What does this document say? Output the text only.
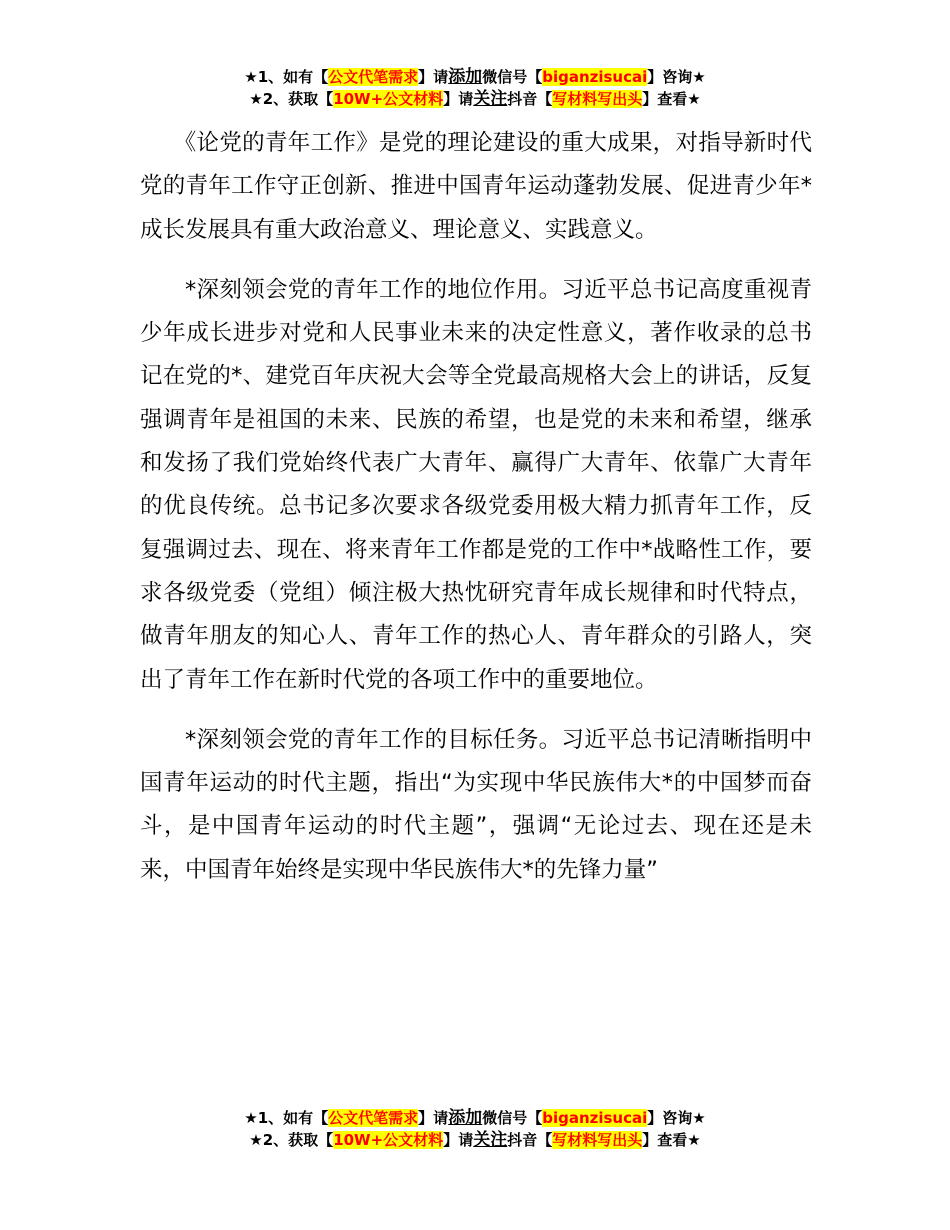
★1、如有【公文代笔需求】请添加微信号【biganzisucai】咨询★
★2、获取【10W+公文材料】请关注抖音【写材料写出头】查看★

《论党的青年工作》是党的理论建设的重大成果，对指导新时代党的青年工作守正创新、推进中国青年运动蓬勃发展、促进青少年*成长发展具有重大政治意义、理论意义、实践意义。

*深刻领会党的青年工作的地位作用。习近平总书记高度重视青少年成长进步对党和人民事业未来的决定性意义，著作收录的总书记在党的*、建党百年庆祝大会等全党最高规格大会上的讲话，反复强调青年是祖国的未来、民族的希望，也是党的未来和希望，继承和发扬了我们党始终代表广大青年、赢得广大青年、依靠广大青年的优良传统。总书记多次要求各级党委用极大精力抓青年工作，反复强调过去、现在、将来青年工作都是党的工作中*战略性工作，要求各级党委（党组）倾注极大热忱研究青年成长规律和时代特点，做青年朋友的知心人、青年工作的热心人、青年群众的引路人，突出了青年工作在新时代党的各项工作中的重要地位。

*深刻领会党的青年工作的目标任务。习近平总书记清晰指明中国青年运动的时代主题，指出“为实现中华民族伟大*的中国梦而奋斗，是中国青年运动的时代主题”，强调“无论过去、现在还是未来，中国青年始终是实现中华民族伟大*的先锋力量”

★1、如有【公文代笔需求】请添加微信号【biganzisucai】咨询★
★2、获取【10W+公文材料】请关注抖音【写材料写出头】查看★
